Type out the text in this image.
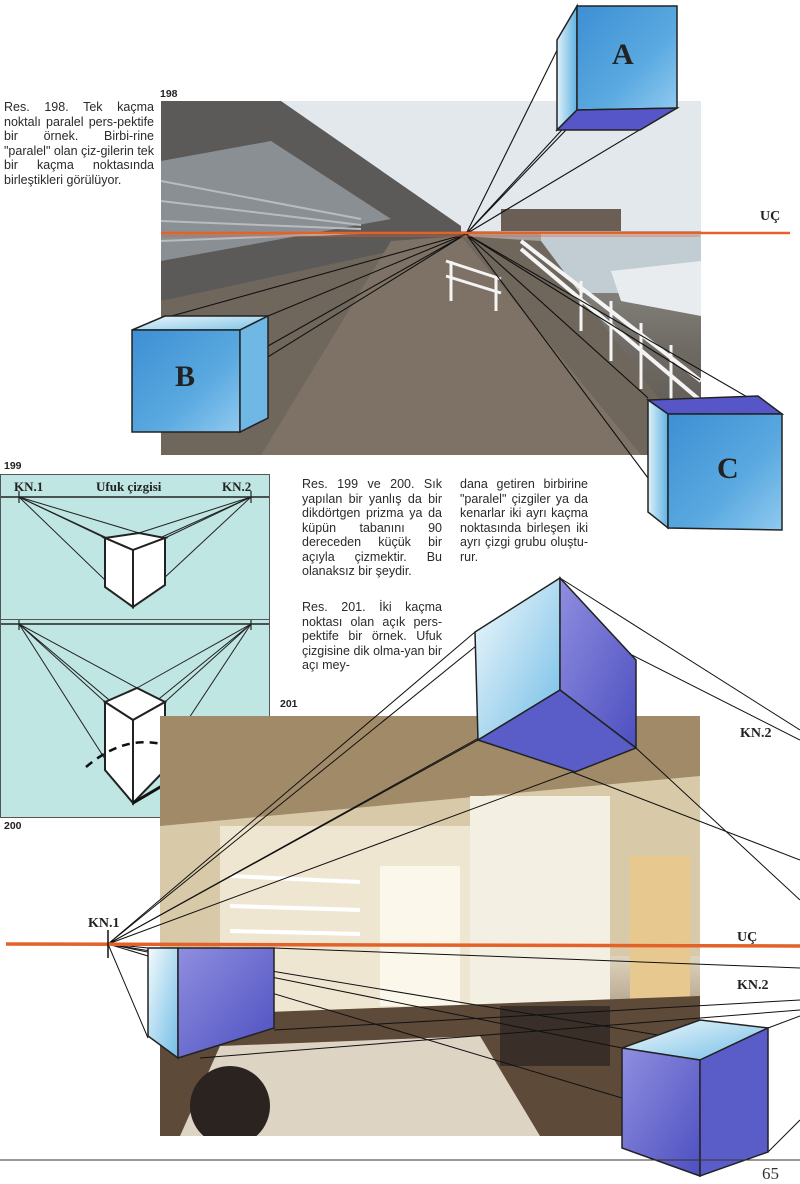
Res. 198. Tek kaçma noktalı paralel pers-pektife bir örnek. Birbi-rine "paralel" olan çiz-gilerin tek bir kaçma noktasında birleştikleri görülüyor.
198
A
B
C
UÇ
199
KN.1	Ufuk çizgisi	KN.2
200
Res. 199 ve 200. Sık yapılan bir yanlış da bir dikdörtgen prizma ya da küpün tabanını 90 dereceden küçük bir açıyla çizmektir. Bu olanaksız bir şeydir.
Res. 201. İki kaçma noktası olan açık pers-pektife bir örnek. Ufuk çizgisine dik olma-yan bir açı mey-
dana getiren birbirine "paralel" çizgiler ya da kenarlar iki ayrı kaçma noktasında birleşen iki ayrı çizgi grubu oluştu-rur.
201
KN.1
KN.2
UÇ
KN.2
65
